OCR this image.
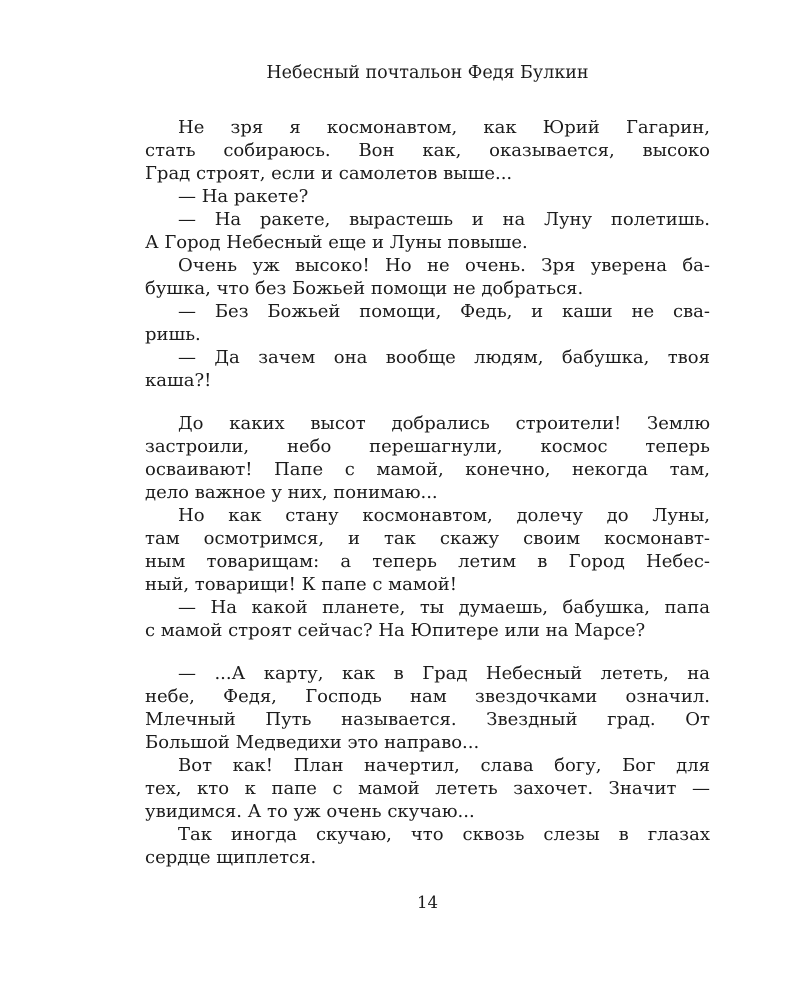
Небесный почтальон Федя Булкин
Не зря я космонавтом, как Юрий Гагарин,
стать собираюсь. Вон как, оказывается, высоко
Град строят, если и самолетов выше...
— На ракете?
— На ракете, вырастешь и на Луну полетишь.
А Город Небесный еще и Луны повыше.
Очень уж высоко! Но не очень. Зря уверена ба-
бушка, что без Божьей помощи не добраться.
— Без Божьей помощи, Федь, и каши не сва-
ришь.
— Да зачем она вообще людям, бабушка, твоя
каша?!
До каких высот добрались строители! Землю
застроили, небо перешагнули, космос теперь
осваивают! Папе с мамой, конечно, некогда там,
дело важное у них, понимаю...
Но как стану космонавтом, долечу до Луны,
там осмотримся, и так скажу своим космонавт-
ным товарищам: а теперь летим в Город Небес-
ный, товарищи! К папе с мамой!
— На какой планете, ты думаешь, бабушка, папа
с мамой строят сейчас? На Юпитере или на Марсе?
— ...А карту, как в Град Небесный лететь, на
небе, Федя, Господь нам звездочками означил.
Млечный Путь называется. Звездный град. От
Большой Медведихи это направо...
Вот как! План начертил, слава богу, Бог для
тех, кто к папе с мамой лететь захочет. Значит —
увидимся. А то уж очень скучаю...
Так иногда скучаю, что сквозь слезы в глазах
сердце щиплется.
14
